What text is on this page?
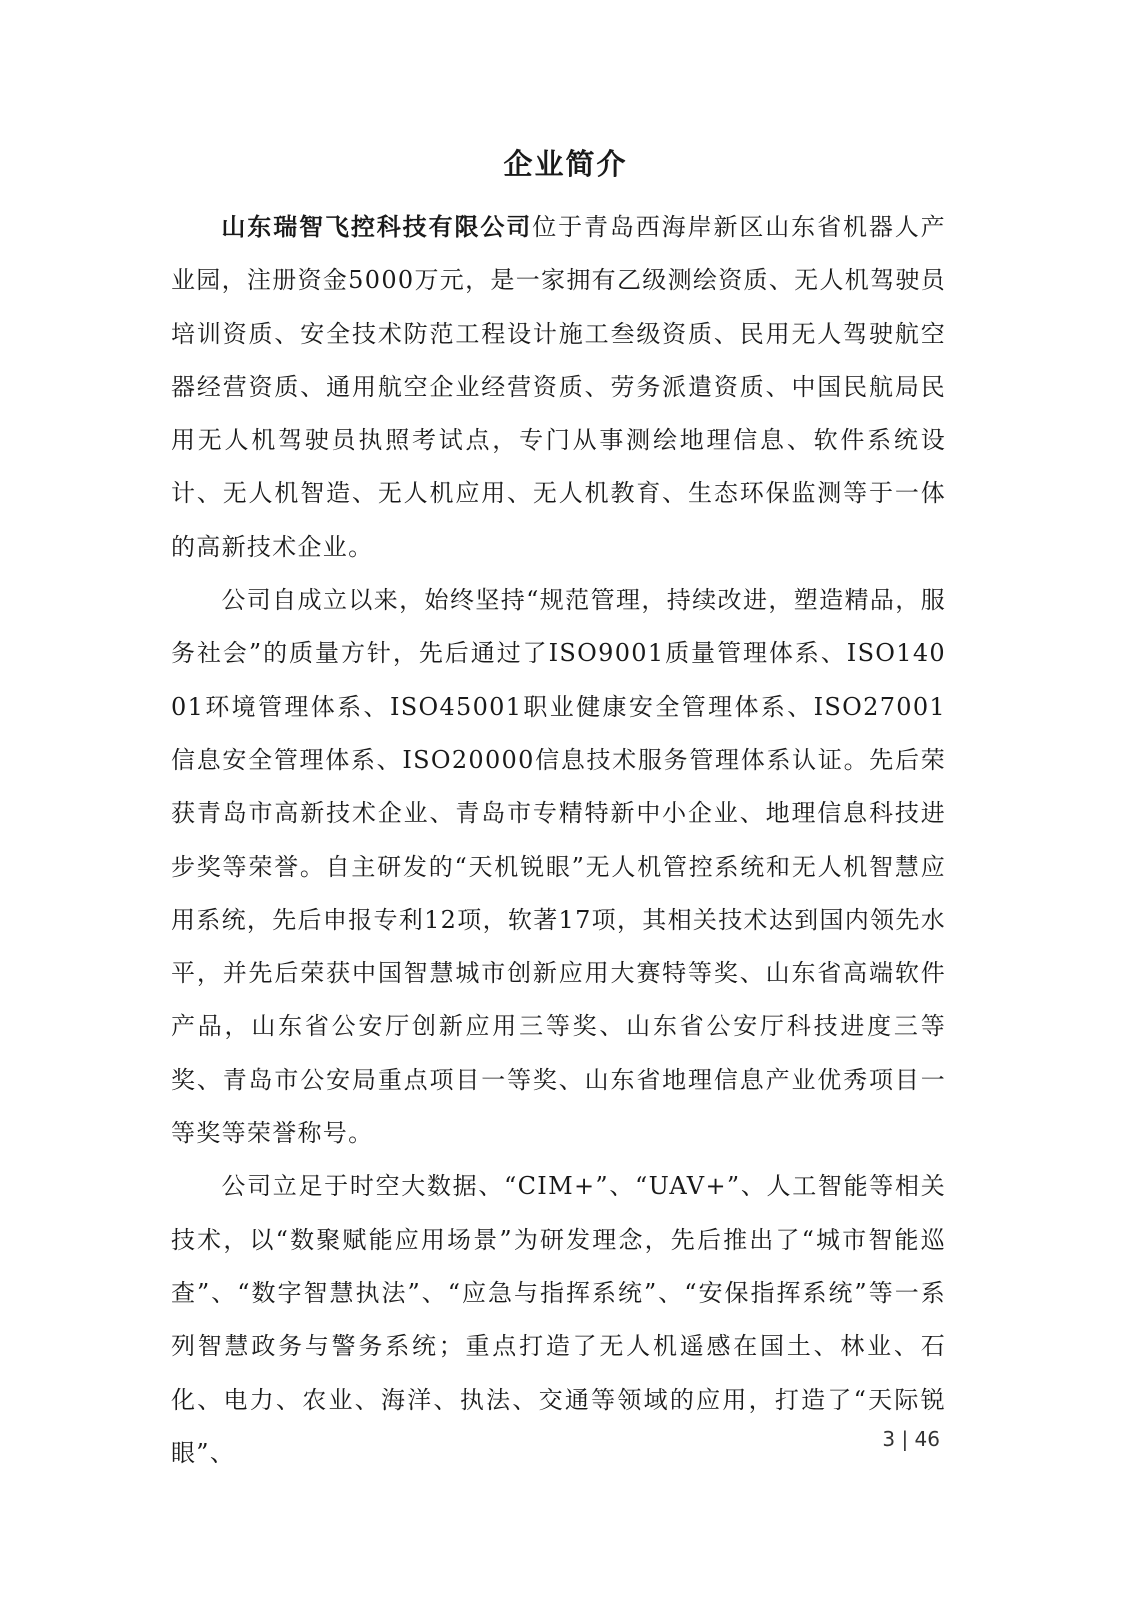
企业简介

山东瑞智飞控科技有限公司位于青岛西海岸新区山东省机器人产业园，注册资金5000万元，是一家拥有乙级测绘资质、无人机驾驶员培训资质、安全技术防范工程设计施工叁级资质、民用无人驾驶航空器经营资质、通用航空企业经营资质、劳务派遣资质、中国民航局民用无人机驾驶员执照考试点，专门从事测绘地理信息、软件系统设计、无人机智造、无人机应用、无人机教育、生态环保监测等于一体的高新技术企业。

公司自成立以来，始终坚持“规范管理，持续改进，塑造精品，服务社会”的质量方针，先后通过了ISO9001质量管理体系、ISO14001环境管理体系、ISO45001职业健康安全管理体系、ISO27001信息安全管理体系、ISO20000信息技术服务管理体系认证。先后荣获青岛市高新技术企业、青岛市专精特新中小企业、地理信息科技进步奖等荣誉。自主研发的“天机锐眼”无人机管控系统和无人机智慧应用系统，先后申报专利12项，软著17项，其相关技术达到国内领先水平，并先后荣获中国智慧城市创新应用大赛特等奖、山东省高端软件产品，山东省公安厅创新应用三等奖、山东省公安厅科技进度三等奖、青岛市公安局重点项目一等奖、山东省地理信息产业优秀项目一等奖等荣誉称号。

公司立足于时空大数据、“CIM+”、“UAV+”、人工智能等相关技术，以“数聚赋能应用场景”为研发理念，先后推出了“城市智能巡查”、“数字智慧执法”、“应急与指挥系统”、“安保指挥系统”等一系列智慧政务与警务系统；重点打造了无人机遥感在国土、林业、石化、电力、农业、海洋、执法、交通等领域的应用，打造了“天际锐眼”、	3 | 46
